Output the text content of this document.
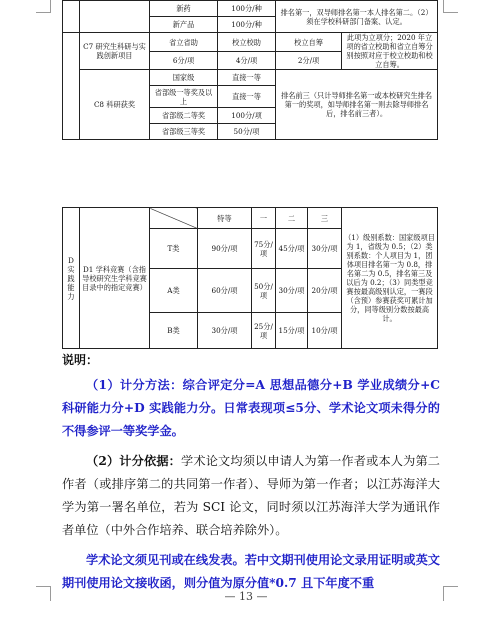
		新药	100分/种	排名第一，双导师排名第一本人排名第二。（2）须在学校科研部门备案、认定。	
		新产品	100分/种		
	C7 研究生科研与实践创新项目	省立省助	校立校助	校立自筹	此项为立项分；2020 年立项的省立校助和省立自筹分别按照对应于校立校助和校立自筹。
		6分/项	4分/项	2分/项	
	C8 科研获奖	国家级	直接一等	排名前三（只计导师排名第一或本校研究生排名第一的奖项，如导师排名第一则去除导师排名后，排名前三者）。	
		省部级一等奖及以上	直接一等		
		省部级二等奖	100分/项		
		省部级三等奖	50分/项		
D实践能力	D1 学科竞赛（含指导校研究生学科竞赛目录中的指定竞赛）		特等	一	二	三	（1）级别系数：国家级项目为 1，省级为 0.5；（2）类别系数：个人项目为 1，团体项目排名第一为 0.8，排名第二为 0.5，排名第三及以后为 0.2；（3）同类型竞赛按最高级别认定，一赛段（含预）参赛获奖可累计加分，同等级别分数按最高计。
		T类	90分/项	75分/项	45分/项	30分/项	
		A类	60分/项	50分/项	30分/项	20分/项	
		B类	30分/项	25分/项	15分/项	10分/项	

说明：

（1）计分方法：综合评定分=A 思想品德分+B 学业成绩分+C 科研能力分+D 实践能力分。日常表现项≤5分、学术论文项未得分的不得参评一等奖学金。

（2）计分依据：学术论文均须以申请人为第一作者或本人为第二作者（或排序第二的共同第一作者）、导师为第一作者；以江苏海洋大学为第一署名单位，若为 SCI 论文，同时须以江苏海洋大学为通讯作者单位（中外合作培养、联合培养除外）。

学术论文须见刊或在线发表。若中文期刊使用论文录用证明或英文期刊使用论文接收函，则分值为原分值*0.7 且下年度不重

— 13 —
